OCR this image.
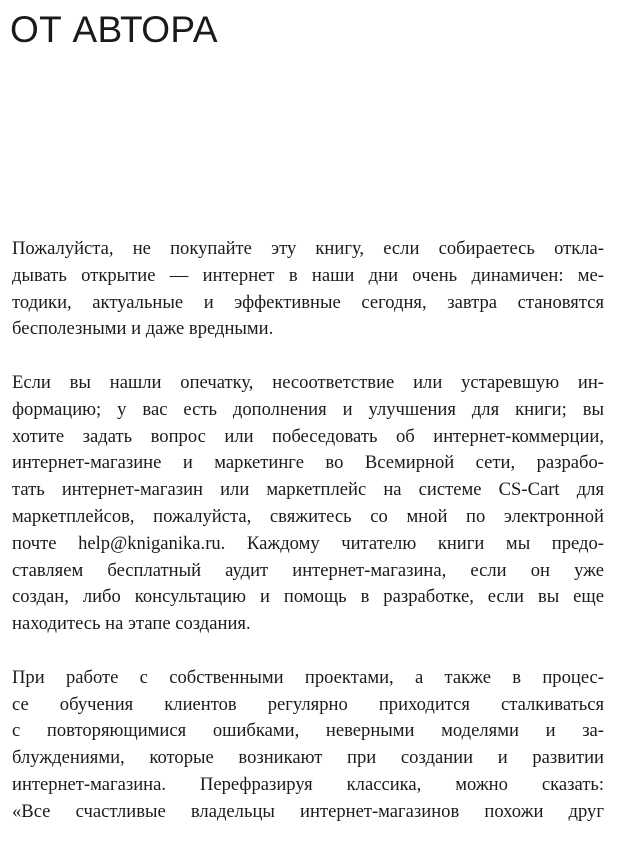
ОТ АВТОРА

Пожалуйста, не покупайте эту книгу, если собираетесь откла-
дывать открытие — интернет в наши дни очень динамичен: ме-
тодики, актуальные и эффективные сегодня, завтра становятся
бесполезными и даже вредными.

Если вы нашли опечатку, несоответствие или устаревшую ин-
формацию; у вас есть дополнения и улучшения для книги; вы
хотите задать вопрос или побеседовать об интернет-коммерции,
интернет-магазине и маркетинге во Всемирной сети, разрабо-
тать интернет-магазин или маркетплейс на системе CS-Cart для
маркетплейсов, пожалуйста, свяжитесь со мной по электронной
почте help@kniganika.ru. Каждому читателю книги мы предо-
ставляем бесплатный аудит интернет-магазина, если он уже
создан, либо консультацию и помощь в разработке, если вы еще
находитесь на этапе создания.

При работе с собственными проектами, а также в процес-
се обучения клиентов регулярно приходится сталкиваться
с повторяющимися ошибками, неверными моделями и за-
блуждениями, которые возникают при создании и развитии
интернет-магазина. Перефразируя классика, можно сказать:
«Все счастливые владельцы интернет-магазинов похожи друг
